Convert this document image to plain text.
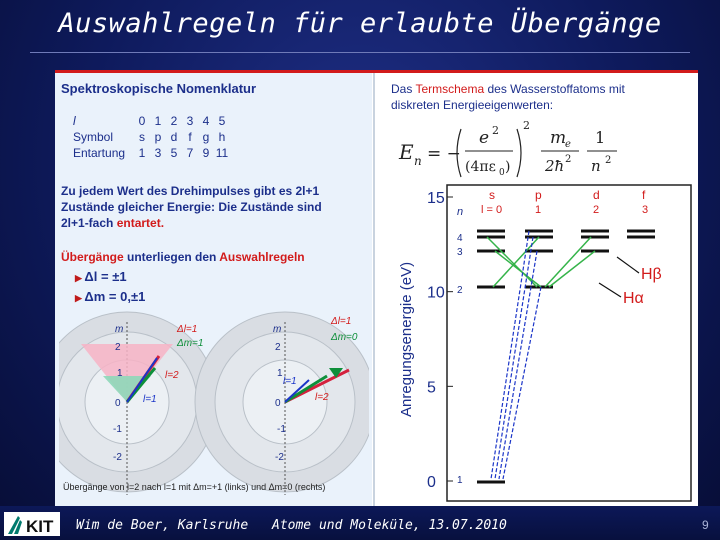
Auswahlregeln für erlaubte Übergänge
Spektroskopische Nomenklatur
l	0	1	2	3	4	5
Symbol	s	p	d	f	g	h
Entartung	1	3	5	7	9	11
Zu jedem Wert des Drehimpulses gibt es 2l+1
Zustände gleicher Energie: Die Zustände sind
2l+1-fach entartet.
Übergänge unterliegen den Auswahlregeln
▶ Δl = ±1
▶ Δm = 0,±1
m
2
1
0
-1
-2
Δl=1
Δm=1
l=2
l=1
m
2
1
0
-1
-2
Δl=1
Δm=0
l=2
l=1
Übergänge von l=2 nach l=1 mit Δm=+1 (links) und Δm=0 (rechts)
Das Termschema des Wasserstoffatoms mit
diskreten Energieeigenwerten:
E n = −
e 2
(4πε 0 )
2
m
e
2ħ 2
1
n 2
Anregungsenergie (eV)
0
5
10
15
n
s	p	d	f
l = 0	1	2	3
4
3
2
1
Hβ
Hα
KIT Wim de Boer, Karlsruhe Atome und Moleküle, 13.07.2010	9
